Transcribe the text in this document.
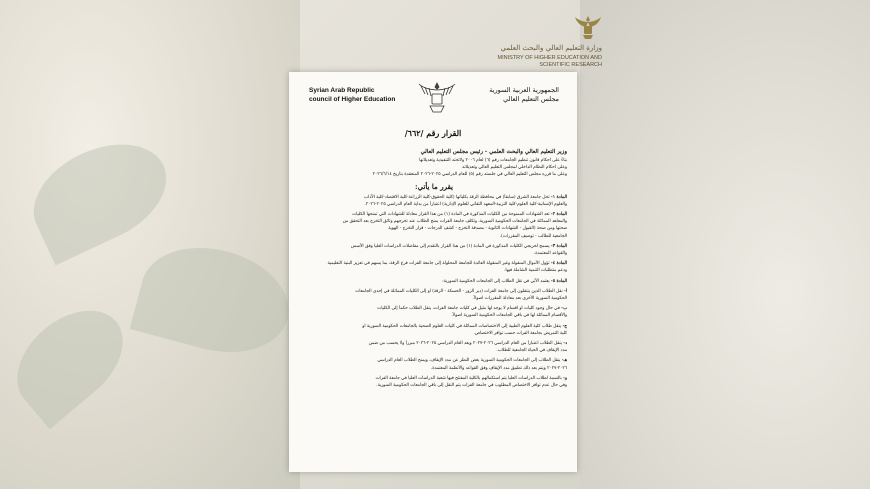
وزارة التعليم العالي والبحث العلمي
MINISTRY OF HIGHER EDUCATION AND
SCIENTIFIC RESEARCH
Syrian Arab Republic
council of Higher Education
الجمهورية العربية السورية
مجلس التعليم العالي
القرار رقم /٦٦٢/
وزير التعليم العالي والبحث العلمي - رئيس مجلس التعليم العالي
بناءً على أحكام قانون تنظيم الجامعات رقم (٦) لعام ٢٠٠٦ ولائحته التنفيذية وتعديلاتها
وعلى أحكام النظام الداخلي لمجلس التعليم العالي وتعديلاته
وعلى ما قرره مجلس التعليم العالي في جلسته رقم (٥) للعام الدراسي ٢٠٢٥-٢٠٢٦ المنعقدة بتاريخ ٢٠٢٦/٦/١٤
يقرر ما يأتي:
المادة ١- تحل جامعة الشرق (سابقاً) في محافظة الرقة بكلياتها (كلية الحقوق-كلية الزراعة-كلية الاقتصاد-كلية الآداب
والعلوم الإنسانية-كلية العلوم-كلية التربية-المعهد التقاني للعلوم الإدارية) اعتباراً من بداية العام الدراسي ٢٠٢٥-٢٠٢٦.
المادة ٢- تعد الشهادات الممنوحة من الكليات المذكورة في المادة (١) من هذا القرار معادلة للشهادات التي تمنحها الكليات
والمعاهد المماثلة في الجامعات الحكومية السورية، وتكلف جامعة الفرات بمنح الطلاب عند تخرجهم وثائق التخرج بعد التحقق من
صحتها ومن صحة (القبول - الشهادات الثانوية - مصدقة التخرج - كشف الدرجات - قرار التخرج - الهوية
الجامعية للطالب - توصيف المقررات).
المادة ٣- يسمح لخريجي الكليات المذكورة في المادة (١) من هذا القرار بالتقدم إلى مفاضلات الدراسات العليا وفق الأسس
والقواعد المعتمدة.
المادة ٤- تؤول الأموال المنقولة وغير المنقولة العائدة للجامعة المحلولة إلى جامعة الفرات فرع الرقة، بما يسهم في تعزيز البنية التعليمية
ودعم متطلبات التنمية الشاملة فيها.
المادة ٥- يعتمد الآتي في نقل الطلاب إلى الجامعات الحكومية السورية:
أ- نقل الطلاب الذين ينتقلون إلى جامعة الفرات (دير الزور - الحسكة - الرقة) أو إلى الكليات المماثلة في إحدى الجامعات
الحكومية السورية الأخرى بعد معادلة المقررات أصولاً.
ب- في حال وجود كليات أو أقسام لا يوجد لها مثيل في كليات جامعة الفرات، ينقل الطلاب حكماً إلى الكليات
والأقسام المماثلة لها في باقي الجامعات الحكومية السورية أصولاً.
ج- ينقل طلاب كلية العلوم الطبية إلى الاختصاصات المماثلة في كليات العلوم الصحية بالجامعات الحكومية السورية أو
كلية التمريض بجامعة الفرات حسب توافر الاختصاص.
د- ينقل الطلاب اعتباراً من العام الدراسي ٢٠٢٦-٢٠٢٧ ويعد العام الدراسي ٢٠٢٥-٢٠٢٦ مبرراً ولا يحسب من ضمن
مدد الإيقاف في الحياة الجامعية للطلاب.
هـ- ينقل الطلاب إلى الجامعات الحكومية السورية بغض النظر عن مدد الإيقاف، ويمنح الطلاب العام الدراسي
٢٠٢٦-٢٠٢٧ ويتم بعد ذلك تطبيق مدد الإيقاف وفق القواعد والأنظمة المعتمدة.
و- بالنسبة لطلاب الدراسات العليا يتم استكمالهم بالكلية المفتتح فيها شعبة الدراسات العليا في جامعة الفرات
وفي حال عدم توافر الاختصاص المطلوب في جامعة الفرات يتم النقل إلى باقي الجامعات الحكومية السورية.
